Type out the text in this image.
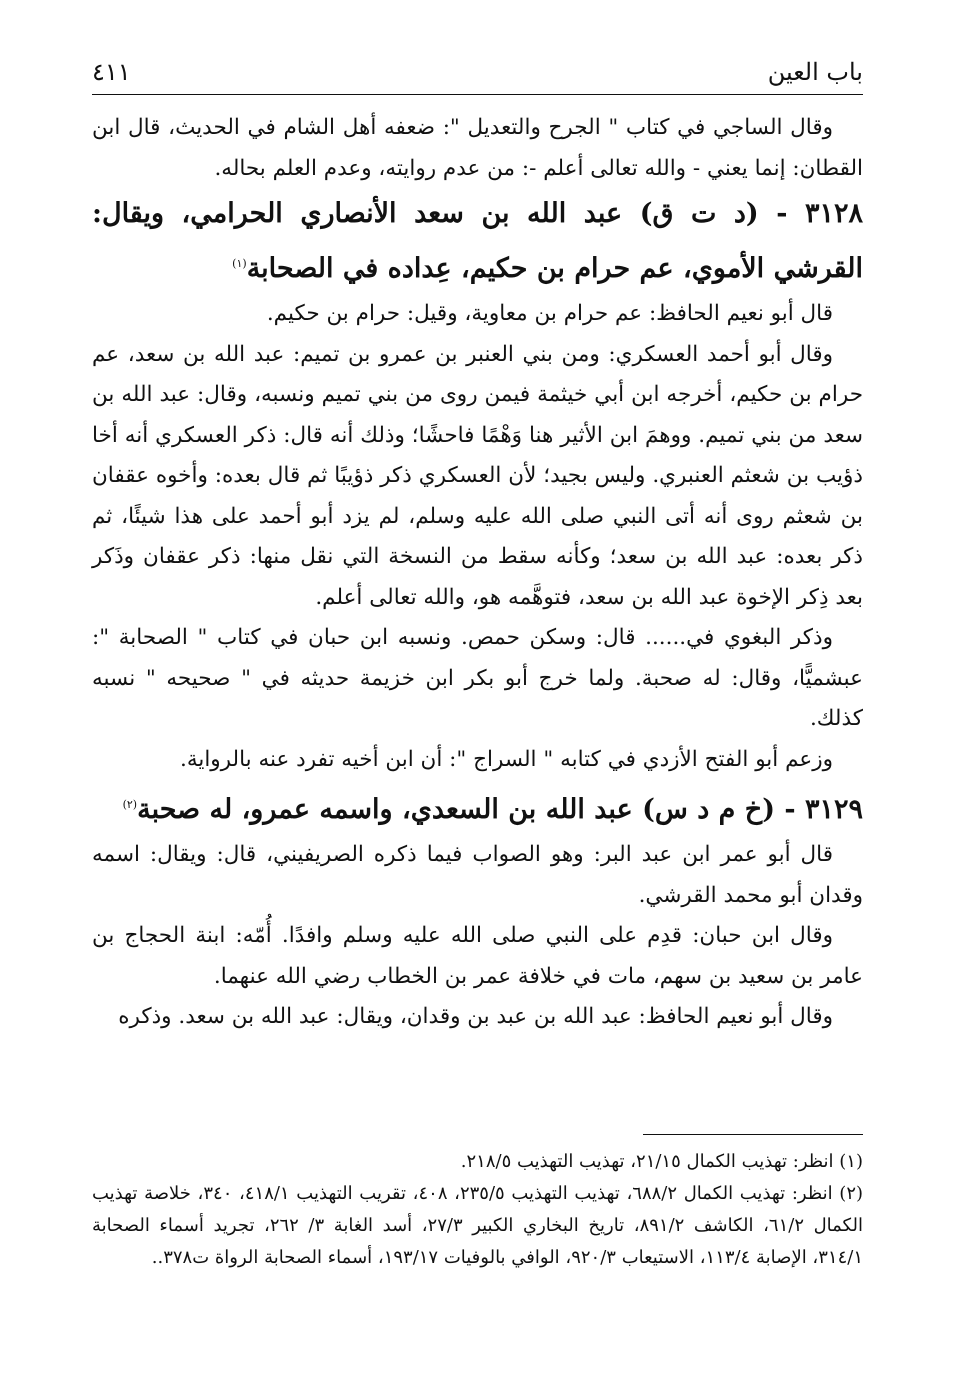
باب العين
٤١١

وقال الساجي في كتاب " الجرح والتعديل ": ضعفه أهل الشام في الحديث، قال ابن القطان: إنما يعني - والله تعالى أعلم -: من عدم روايته، وعدم العلم بحاله.

٣١٢٨ - (د ت ق) عبد الله بن سعد الأنصاري الحرامي، ويقال: القرشي الأموي، عم حرام بن حكيم، عِداده في الصحابة$^{(١)}$

قال أبو نعيم الحافظ: عم حرام بن معاوية، وقيل: حرام بن حكيم.

وقال أبو أحمد العسكري: ومن بني العنبر بن عمرو بن تميم: عبد الله بن سعد، عم حرام بن حكيم، أخرجه ابن أبي خيثمة فيمن روى من بني تميم ونسبه، وقال: عبد الله بن سعد من بني تميم. ووهمَ ابن الأثير هنا وَهْمًا فاحشًا؛ وذلك أنه قال: ذكر العسكري أنه أخا ذؤيب بن شعثم العنبري. وليس بجيد؛ لأن العسكري ذكر ذؤيبًا ثم قال بعده: وأخوه عقفان بن شعثم روى أنه أتى النبي صلى الله عليه وسلم، لم يزد أبو أحمد على هذا شيئًا، ثم ذكر بعده: عبد الله بن سعد؛ وكأنه سقط من النسخة التي نقل منها: ذكر عقفان وذَكر بعد ذِكر الإخوة عبد الله بن سعد، فتوهَّمه هو، والله تعالى أعلم.

وذكر البغوي في...... قال: وسكن حمص. ونسبه ابن حبان في كتاب " الصحابة ": عبشميًّا، وقال: له صحبة. ولما خرج أبو بكر ابن خزيمة حديثه في " صحيحه " نسبه كذلك.

وزعم أبو الفتح الأزدي في كتابه " السراج ": أن ابن أخيه تفرد عنه بالرواية.

٣١٢٩ - (خ م د س) عبد الله بن السعدي، واسمه عمرو، له صحبة$^{(٢)}$

قال أبو عمر ابن عبد البر: وهو الصواب فيما ذكره الصريفيني، قال: ويقال: اسمه وقدان أبو محمد القرشي.

وقال ابن حبان: قدِم على النبي صلى الله عليه وسلم وافدًا. أُمّه: ابنة الحجاج بن عامر بن سعيد بن سهم، مات في خلافة عمر بن الخطاب رضي الله عنهما.

وقال أبو نعيم الحافظ: عبد الله بن عبد بن وقدان، ويقال: عبد الله بن سعد. وذكره

(١) انظر: تهذيب الكمال ٢١/١٥، تهذيب التهذيب ٢١٨/٥.

(٢) انظر: تهذيب الكمال ٦٨٨/٢، تهذيب التهذيب ٢٣٥/٥، ٤٠٨، تقريب التهذيب ٤١٨/١، ٣٤٠، خلاصة تهذيب الكمال ٦١/٢، الكاشف ٨٩١/٢، تاريخ البخاري الكبير ٢٧/٣، أسد الغابة ٣/ ٢٦٢، تجريد أسماء الصحابة ٣١٤/١، الإصابة ١١٣/٤، الاستيعاب ٩٢٠/٣، الوافي بالوفيات ١٩٣/١٧، أسماء الصحابة الرواة ت٣٧٨..
